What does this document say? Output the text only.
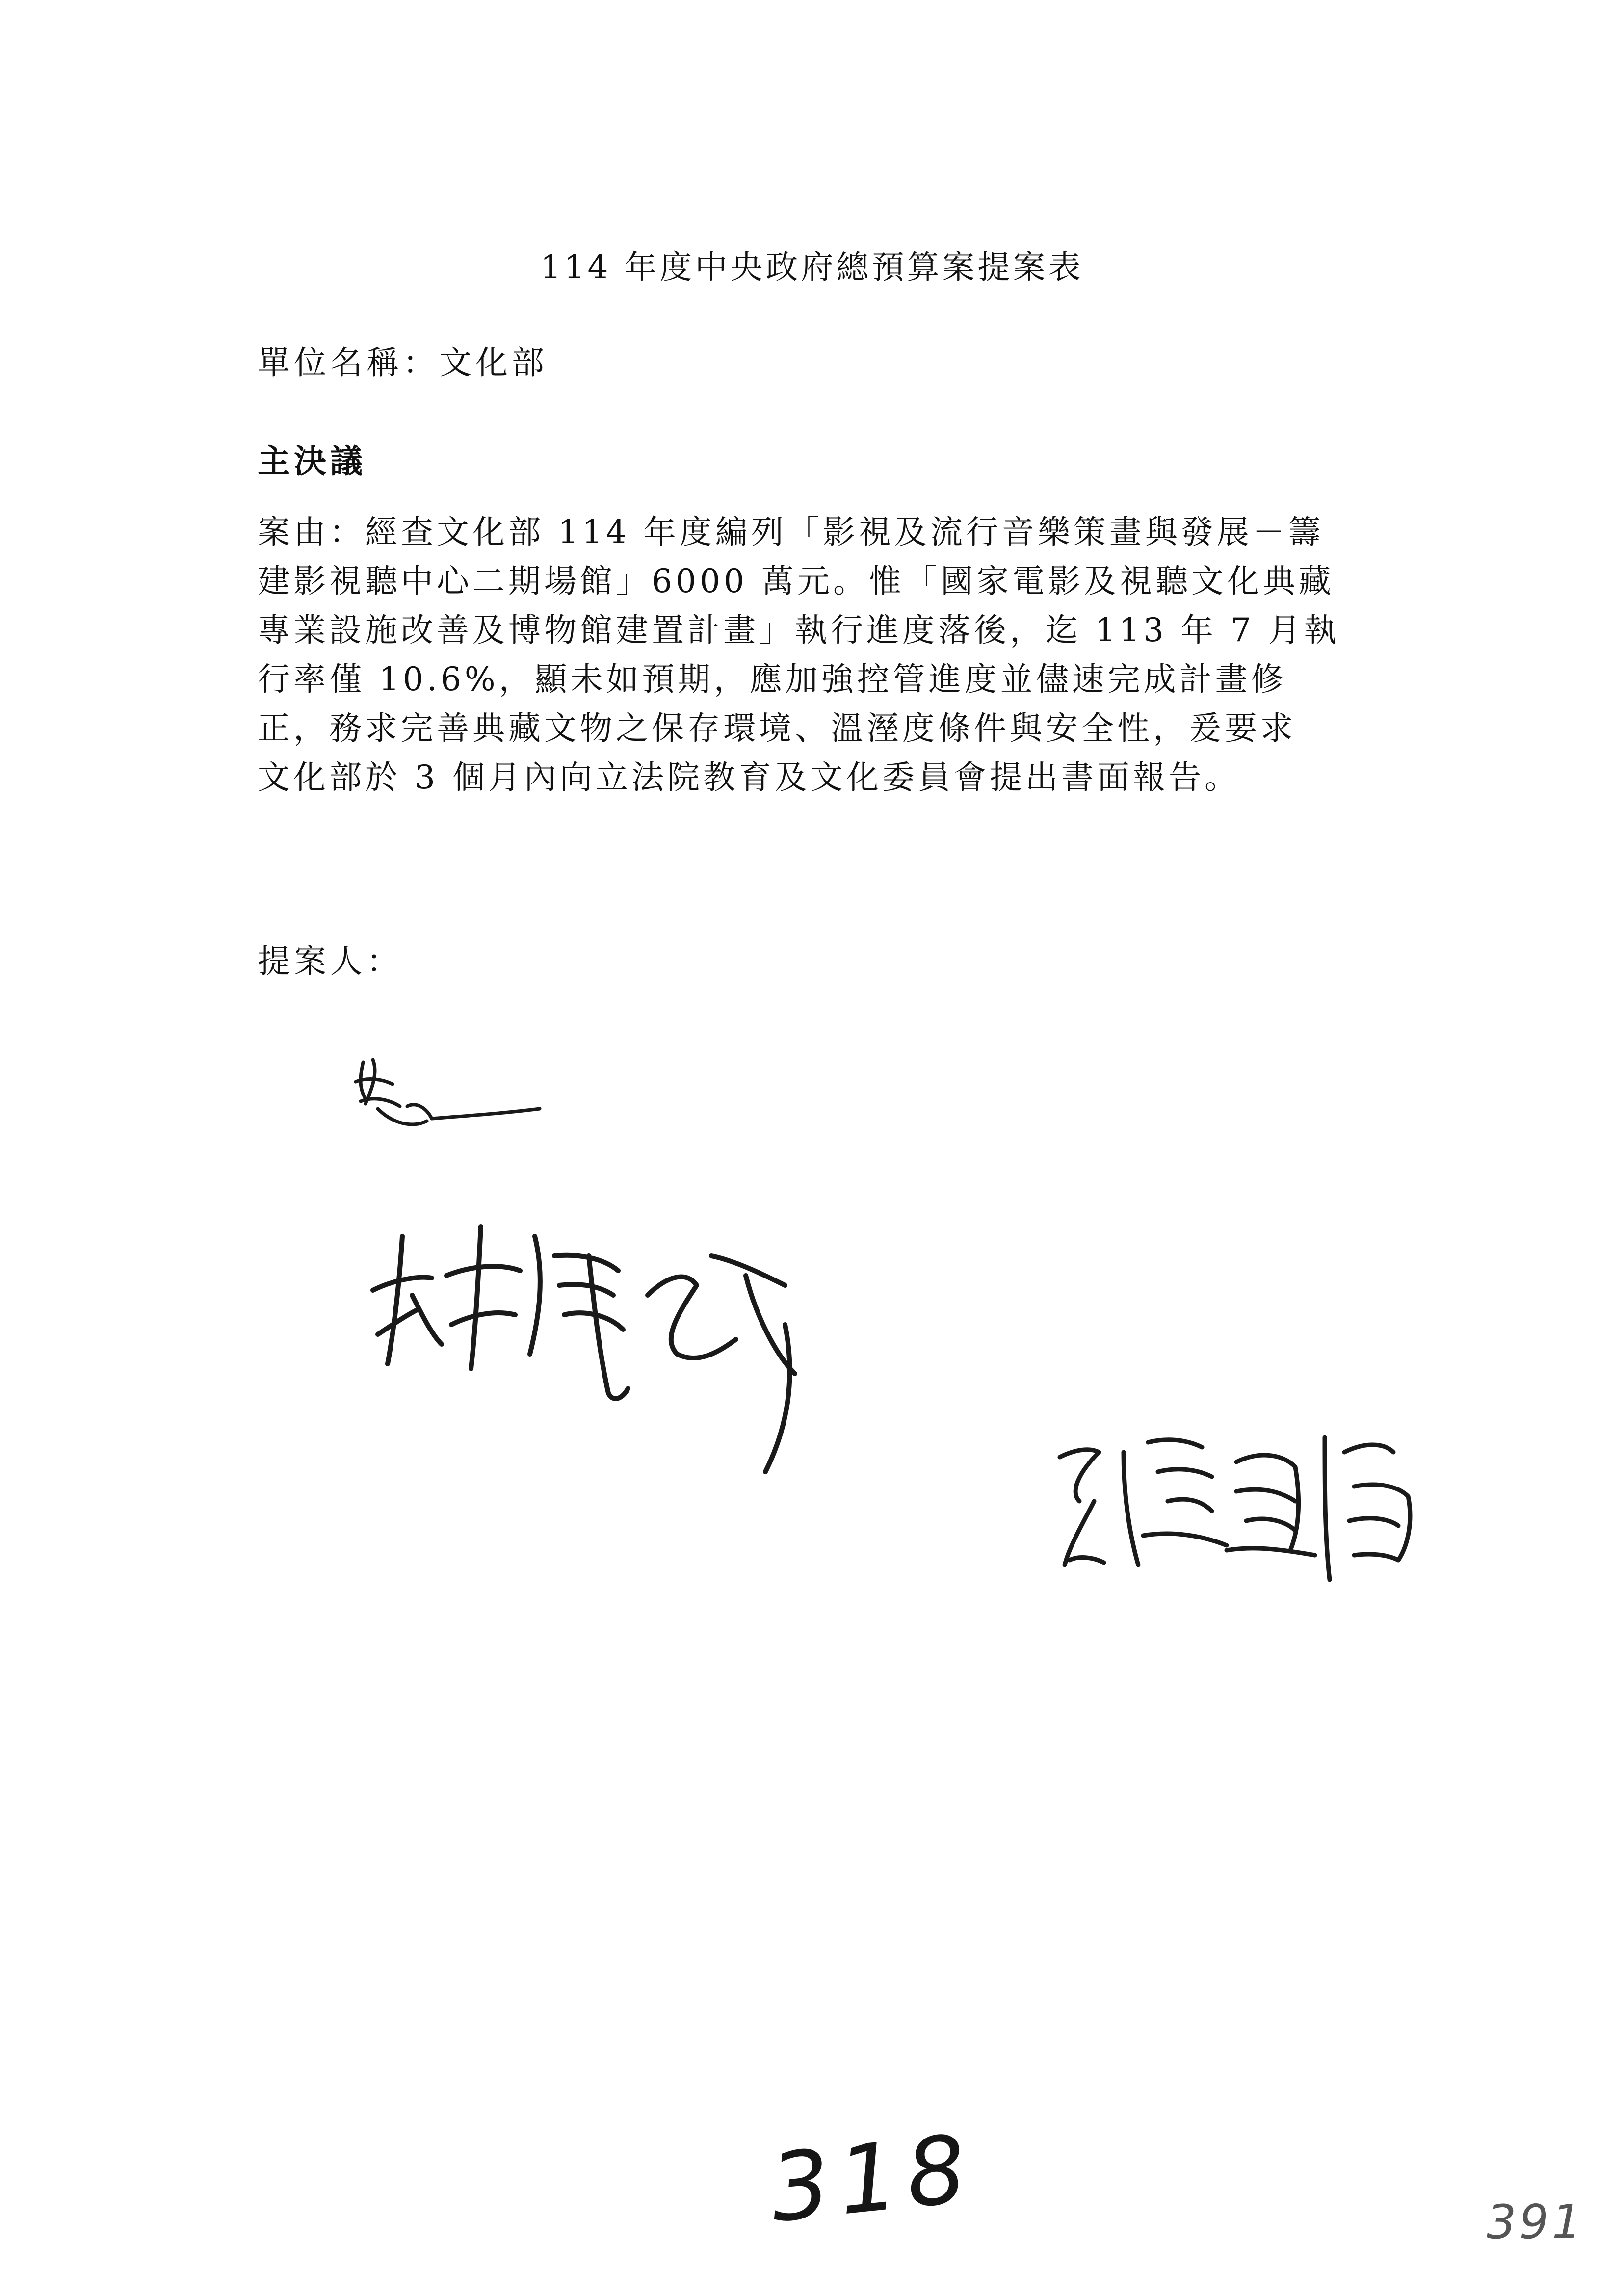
114 年度中央政府總預算案提案表
單位名稱：文化部
主決議
案由：經查文化部 114 年度編列「影視及流行音樂策畫與發展－籌
建影視聽中心二期場館」6000 萬元。惟「國家電影及視聽文化典藏
專業設施改善及博物館建置計畫」執行進度落後，迄 113 年 7 月執
行率僅 10.6%，顯未如預期，應加強控管進度並儘速完成計畫修
正，務求完善典藏文物之保存環境、溫溼度條件與安全性，爰要求
文化部於 3 個月內向立法院教育及文化委員會提出書面報告。
提案人：
318	391
